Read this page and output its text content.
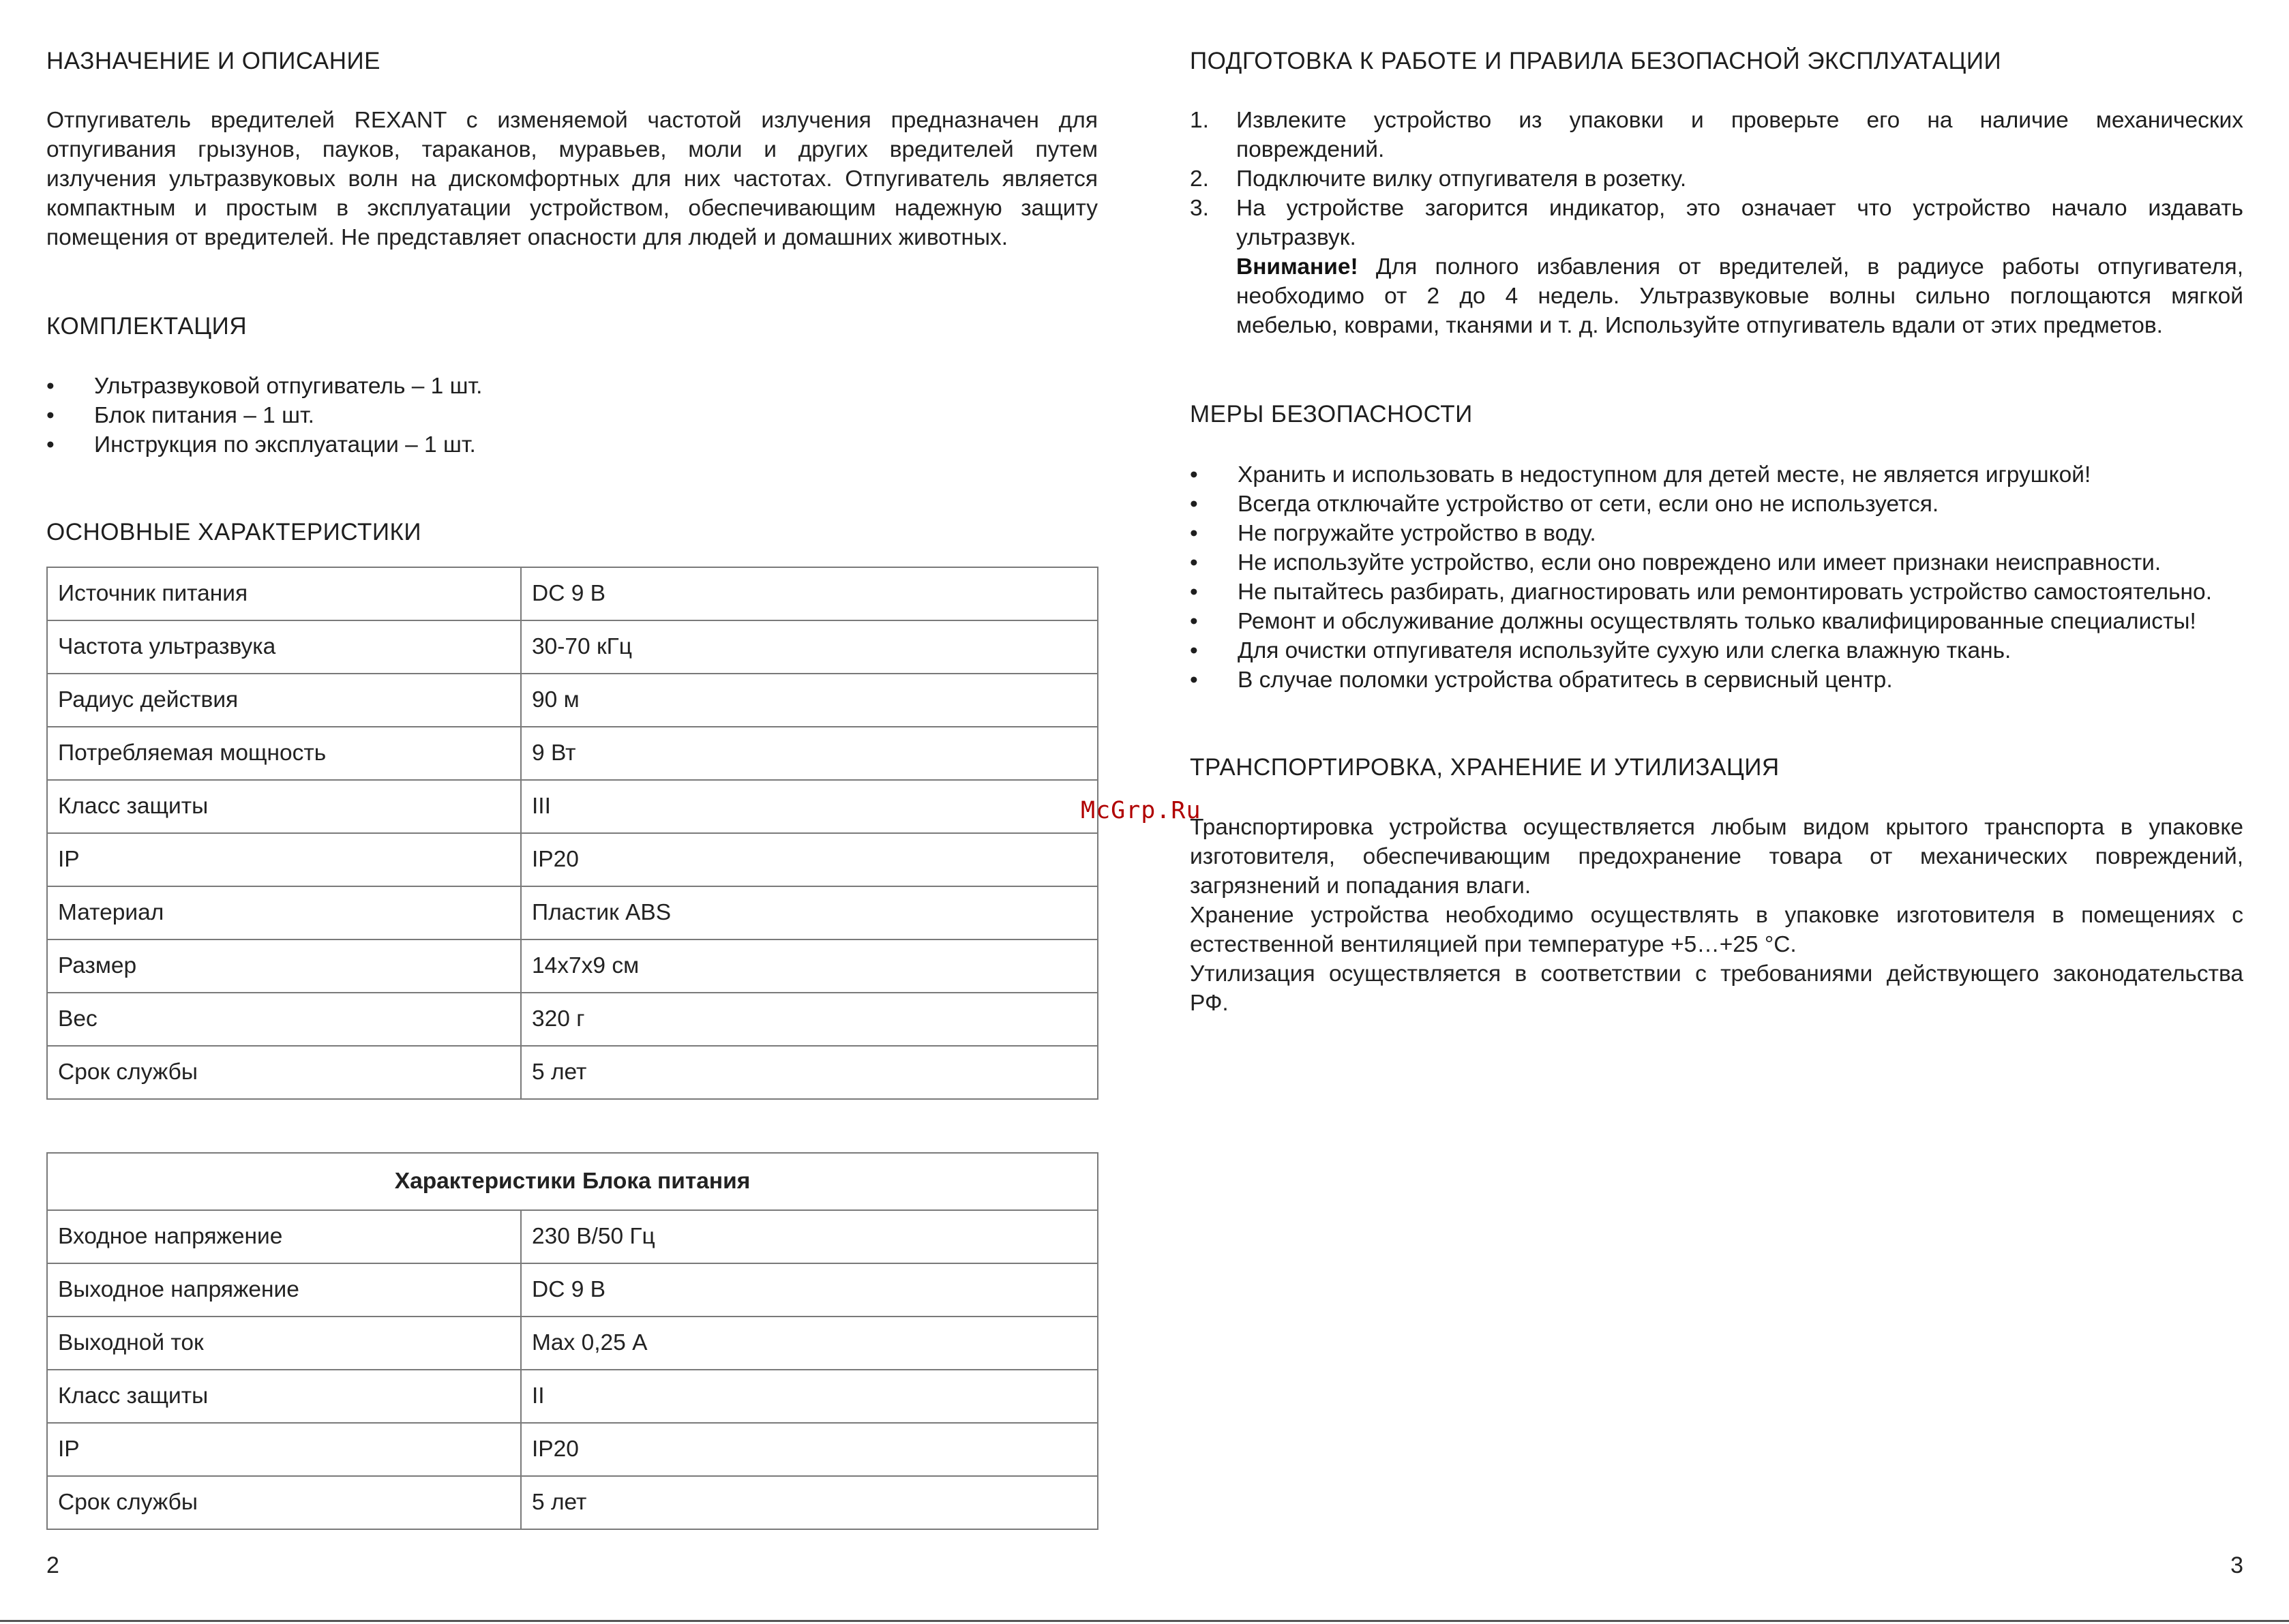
НАЗНАЧЕНИЕ И ОПИСАНИЕ

Отпугиватель вредителей REXANT с изменяемой частотой излучения предназначен для
отпугивания грызунов, пауков, тараканов, муравьев, моли и других вредителей путем
излучения ультразвуковых волн на дискомфортных для них частотах. Отпугиватель является
компактным и простым в эксплуатации устройством, обеспечивающим надежную защиту
помещения от вредителей. Не представляет опасности для людей и домашних животных.

КОМПЛЕКТАЦИЯ
• Ультразвуковой отпугиватель – 1 шт.
• Блок питания – 1 шт.
• Инструкция по эксплуатации – 1 шт.
ОСНОВНЫЕ ХАРАКТЕРИСТИКИ
Источник питания	DC 9 В
Частота ультразвука	30-70 кГц
Радиус действия	90 м
Потребляемая мощность	9 Вт
Класс защиты	III
IP	IP20
Материал	Пластик ABS
Размер	14х7х9 см
Вес	320 г
Срок службы	5 лет
Характеристики Блока питания	
Входное напряжение	230 В/50 Гц
Выходное напряжение	DC 9 В
Выходной ток	Max 0,25 А
Класс защиты	II
IP	IP20
Срок службы	5 лет
2
ПОДГОТОВКА К РАБОТЕ И ПРАВИЛА БЕЗОПАСНОЙ ЭКСПЛУАТАЦИИ
1. Извлеките устройство из упаковки и проверьте его на наличие механических
повреждений.
2. Подключите вилку отпугивателя в розетку.
3. На устройстве загорится индикатор, это означает что устройство начало издавать
ультразвук.
Внимание! Для полного избавления от вредителей, в радиусе работы отпугивателя,
необходимо от 2 до 4 недель. Ультразвуковые волны сильно поглощаются мягкой
мебелью, коврами, тканями и т. д. Используйте отпугиватель вдали от этих предметов.
МЕРЫ БЕЗОПАСНОСТИ
• Хранить и использовать в недоступном для детей месте, не является игрушкой!
• Всегда отключайте устройство от сети, если оно не используется.
• Не погружайте устройство в воду.
• Не используйте устройство, если оно повреждено или имеет признаки неисправности.
• Не пытайтесь разбирать, диагностировать или ремонтировать устройство самостоятельно.
• Ремонт и обслуживание должны осуществлять только квалифицированные специалисты!
• Для очистки отпугивателя используйте сухую или слегка влажную ткань.
• В случае поломки устройства обратитесь в сервисный центр.
ТРАНСПОРТИРОВКА, ХРАНЕНИЕ И УТИЛИЗАЦИЯ

Транспортировка устройства осуществляется любым видом крытого транспорта в упаковке
изготовителя, обеспечивающим предохранение товара от механических повреждений,
загрязнений и попадания влаги.
Хранение устройства необходимо осуществлять в упаковке изготовителя в помещениях с
естественной вентиляцией при температуре +5…+25 °С.
Утилизация осуществляется в соответствии с требованиями действующего законодательства
РФ.

3
McGrp.Ru
